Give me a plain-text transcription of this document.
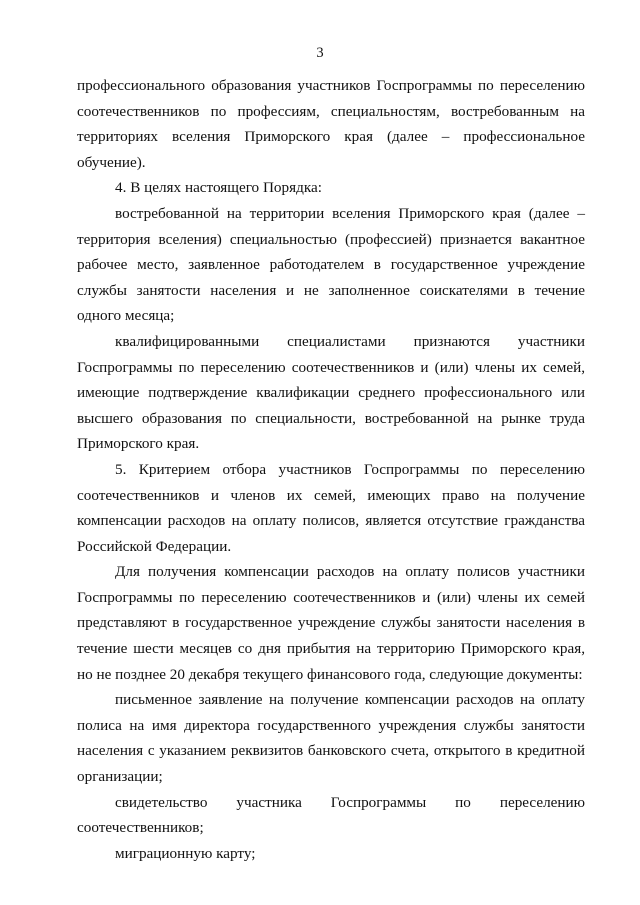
3

профессионального образования участников Госпрограммы по переселению соотечественников по профессиям, специальностям, востребованным на территориях вселения Приморского края (далее – профессиональное обучение).

4. В целях настоящего Порядка:

востребованной на территории вселения Приморского края (далее – территория вселения) специальностью (профессией) признается вакантное рабочее место, заявленное работодателем в государственное учреждение службы занятости населения и не заполненное соискателями в течение одного месяца;

квалифицированными специалистами признаются участники Госпрограммы по переселению соотечественников и (или) члены их семей, имеющие подтверждение квалификации среднего профессионального или высшего образования по специальности, востребованной на рынке труда Приморского края.

5. Критерием отбора участников Госпрограммы по переселению соотечественников и членов их семей, имеющих право на получение компенсации расходов на оплату полисов, является отсутствие гражданства Российской Федерации.

Для получения компенсации расходов на оплату полисов участники Госпрограммы по переселению соотечественников и (или) члены их семей представляют в государственное учреждение службы занятости населения в течение шести месяцев со дня прибытия на территорию Приморского края, но не позднее 20 декабря текущего финансового года, следующие документы:

письменное заявление на получение компенсации расходов на оплату полиса на имя директора государственного учреждения службы занятости населения с указанием реквизитов банковского счета, открытого в кредитной организации;

свидетельство участника Госпрограммы по переселению соотечественников;

миграционную карту;
